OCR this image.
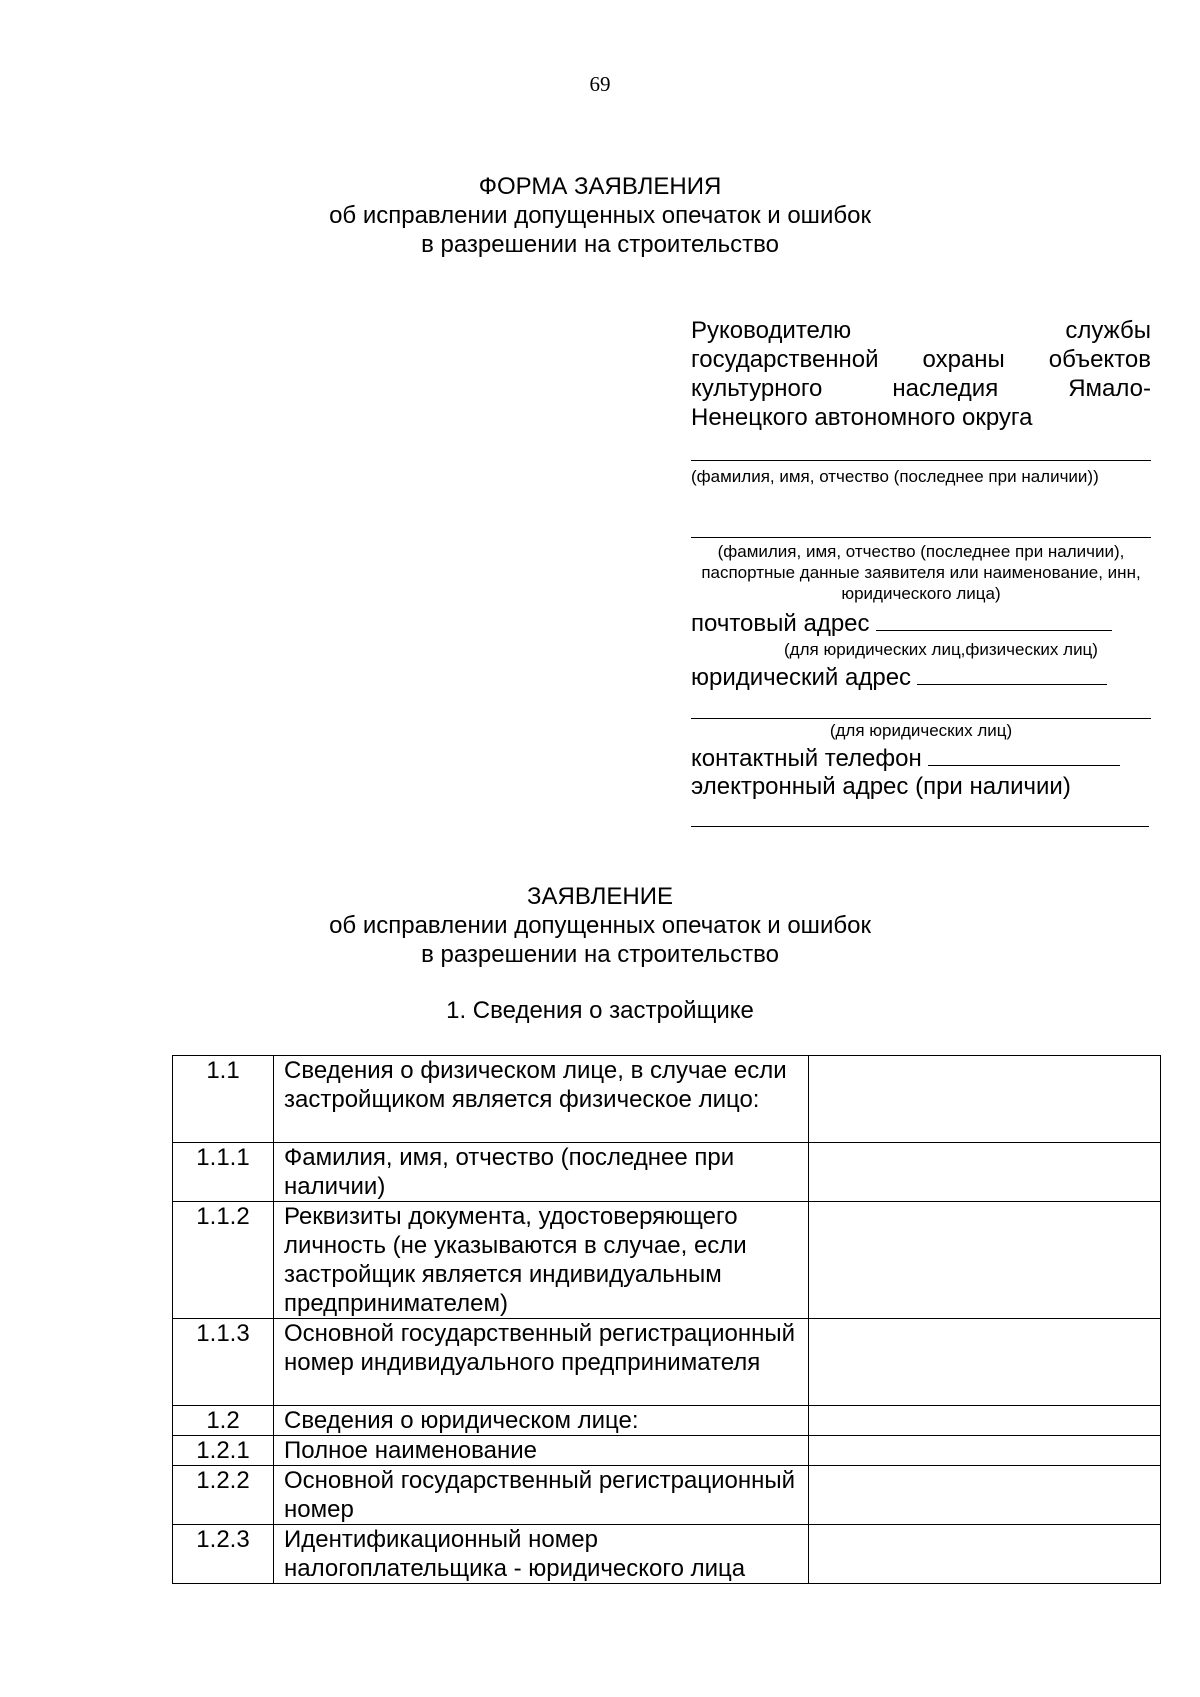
69
ФОРМА ЗАЯВЛЕНИЯ
об исправлении допущенных опечаток и ошибок
в разрешении на строительство
Руководителю службы
государственной охраны объектов
культурного наследия Ямало-
Ненецкого автономного округа
(фамилия, имя, отчество (последнее при наличии))
(фамилия, имя, отчество (последнее при наличии), паспортные данные заявителя или наименование, инн, юридического лица)
почтовый адрес
(для юридических лиц,физических лиц)
юридический адрес
(для юридических лиц)
контактный телефон
электронный адрес (при наличии)
ЗАЯВЛЕНИЕ
об исправлении допущенных опечаток и ошибок
в разрешении на строительство
1. Сведения о застройщике
1.1	Сведения о физическом лице, в случае если застройщиком является физическое лицо:	
1.1.1	Фамилия, имя, отчество (последнее при наличии)	
1.1.2	Реквизиты документа, удостоверяющего личность (не указываются в случае, если застройщик является индивидуальным предпринимателем)	
1.1.3	Основной государственный регистрационный номер индивидуального предпринимателя	
1.2	Сведения о юридическом лице:	
1.2.1	Полное наименование	
1.2.2	Основной государственный регистрационный номер	
1.2.3	Идентификационный номер налогоплательщика - юридического лица	
